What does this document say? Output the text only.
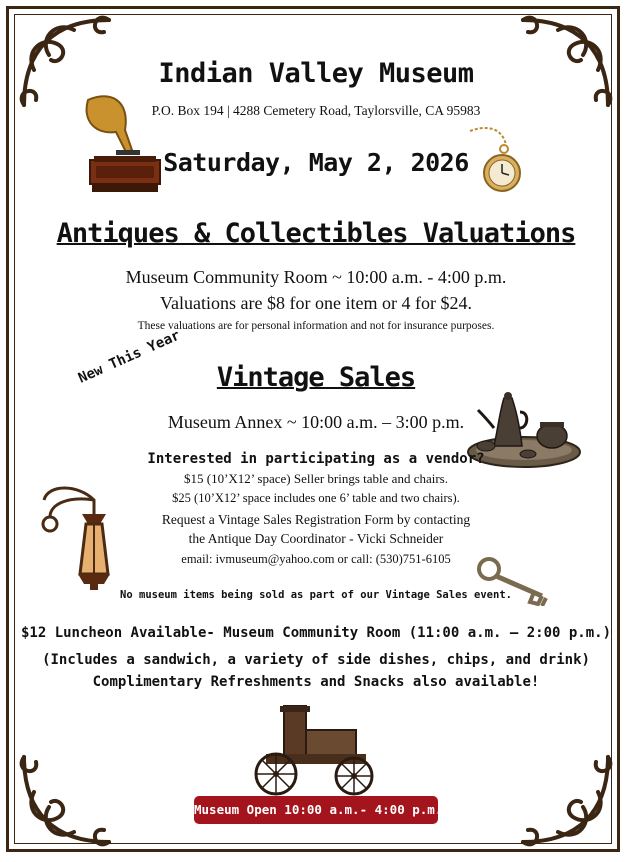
Indian Valley Museum
P.O. Box 194 | 4288 Cemetery Road, Taylorsville, CA 95983
Saturday, May 2, 2026
Antiques & Collectibles Valuations
Museum Community Room ~ 10:00 a.m. - 4:00 p.m.
Valuations are $8 for one item or 4 for $24.
These valuations are for personal information and not for insurance purposes.
New This Year	Vintage Sales
Museum Annex ~ 10:00 a.m. – 3:00 p.m.
Interested in participating as a vendor?
$15 (10’X12’ space) Seller brings table and chairs.
$25 (10’X12’ space includes one 6’ table and two chairs).
Request a Vintage Sales Registration Form by contacting
the Antique Day Coordinator - Vicki Schneider
email: ivmuseum@yahoo.com or call: (530)751-6105
No museum items being sold as part of our Vintage Sales event.
$12 Luncheon Available- Museum Community Room (11:00 a.m. – 2:00 p.m.)
(Includes a sandwich, a variety of side dishes, chips, and drink)
Complimentary Refreshments and Snacks also available!
Museum Open 10:00 a.m.- 4:00 p.m.
